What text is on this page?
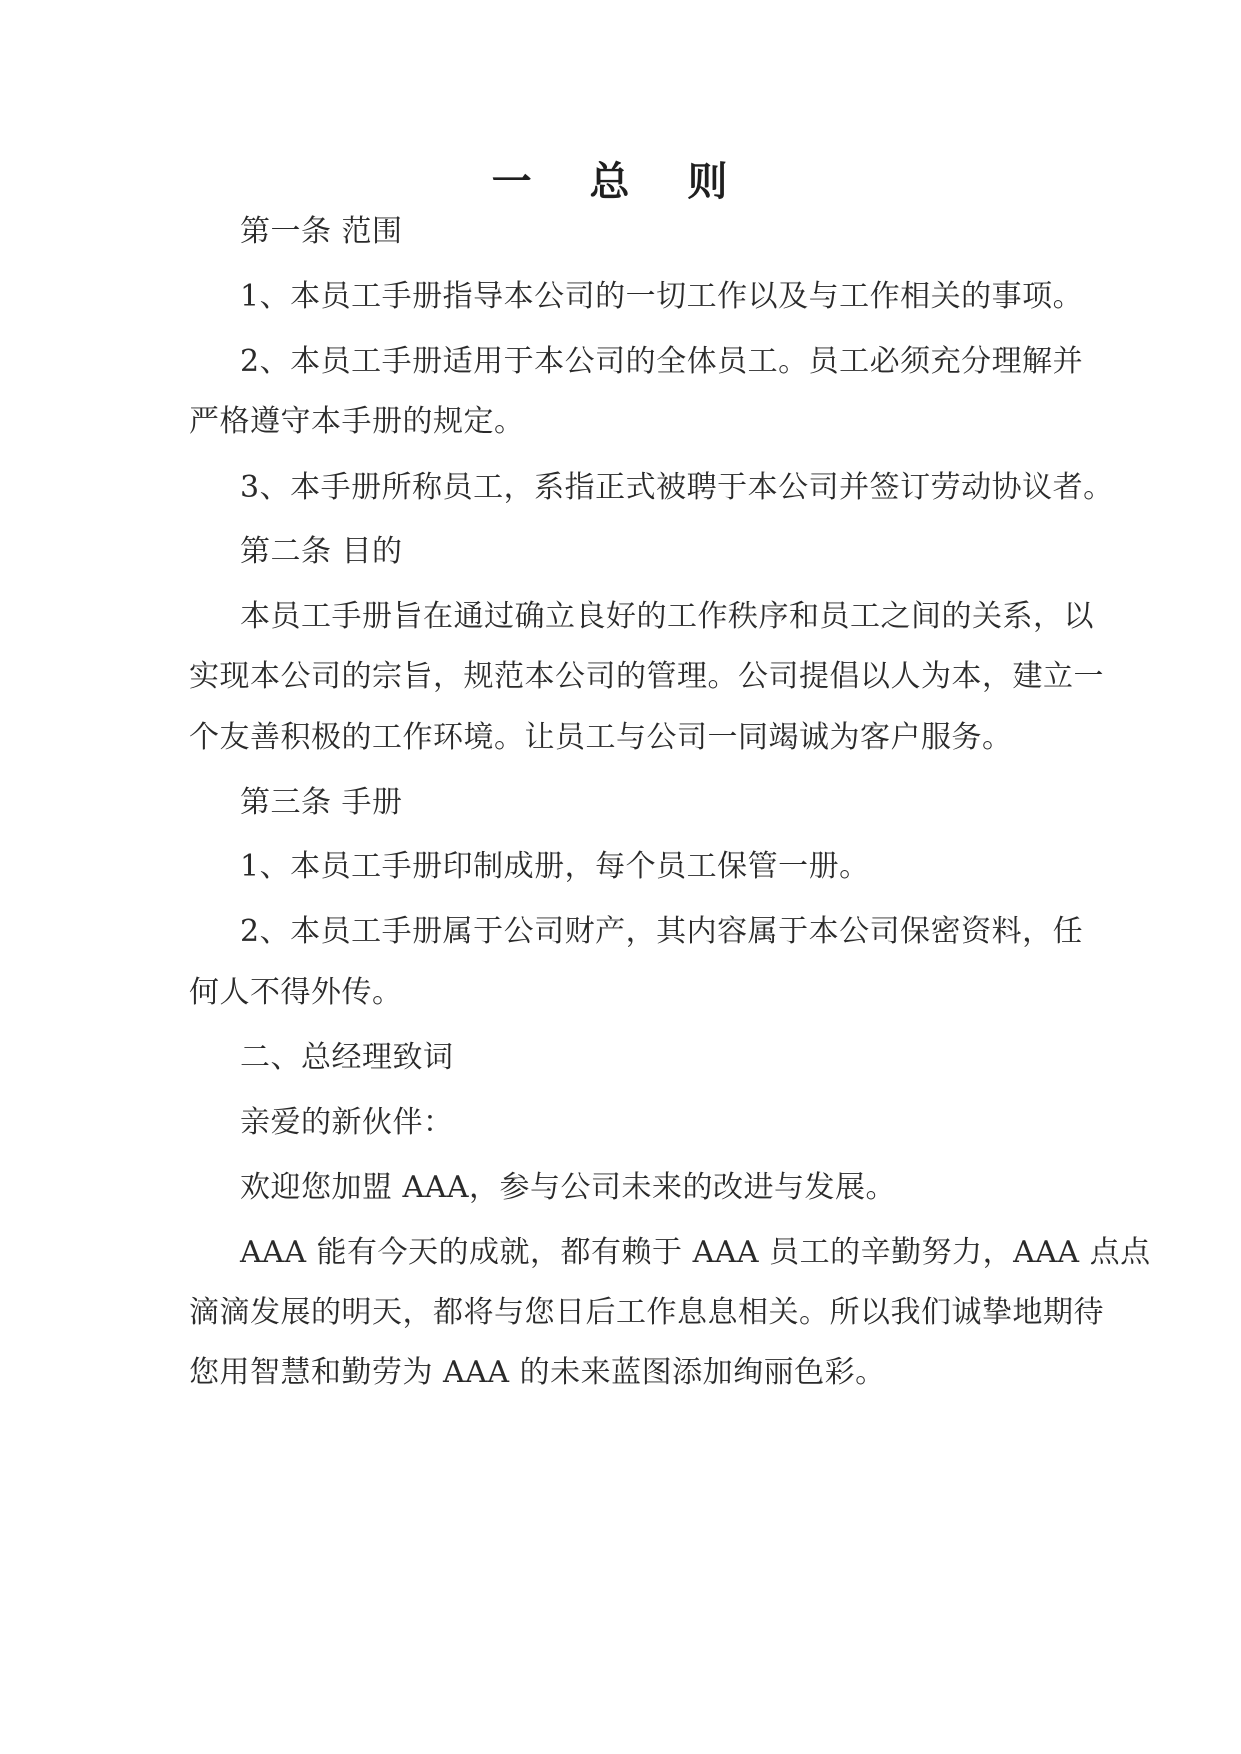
一 总 则
第一条 范围
1、本员工手册指导本公司的一切工作以及与工作相关的事项。
2、本员工手册适用于本公司的全体员工。员工必须充分理解并
严格遵守本手册的规定。
3、本手册所称员工，系指正式被聘于本公司并签订劳动协议者。
第二条 目的
本员工手册旨在通过确立良好的工作秩序和员工之间的关系，以
实现本公司的宗旨，规范本公司的管理。公司提倡以人为本，建立一
个友善积极的工作环境。让员工与公司一同竭诚为客户服务。
第三条 手册
1、本员工手册印制成册，每个员工保管一册。
2、本员工手册属于公司财产，其内容属于本公司保密资料，任
何人不得外传。
二、总经理致词
亲爱的新伙伴：
欢迎您加盟 AAA，参与公司未来的改进与发展。
AAA 能有今天的成就，都有赖于 AAA 员工的辛勤努力，AAA 点点
滴滴发展的明天，都将与您日后工作息息相关。所以我们诚挚地期待
您用智慧和勤劳为 AAA 的未来蓝图添加绚丽色彩。
